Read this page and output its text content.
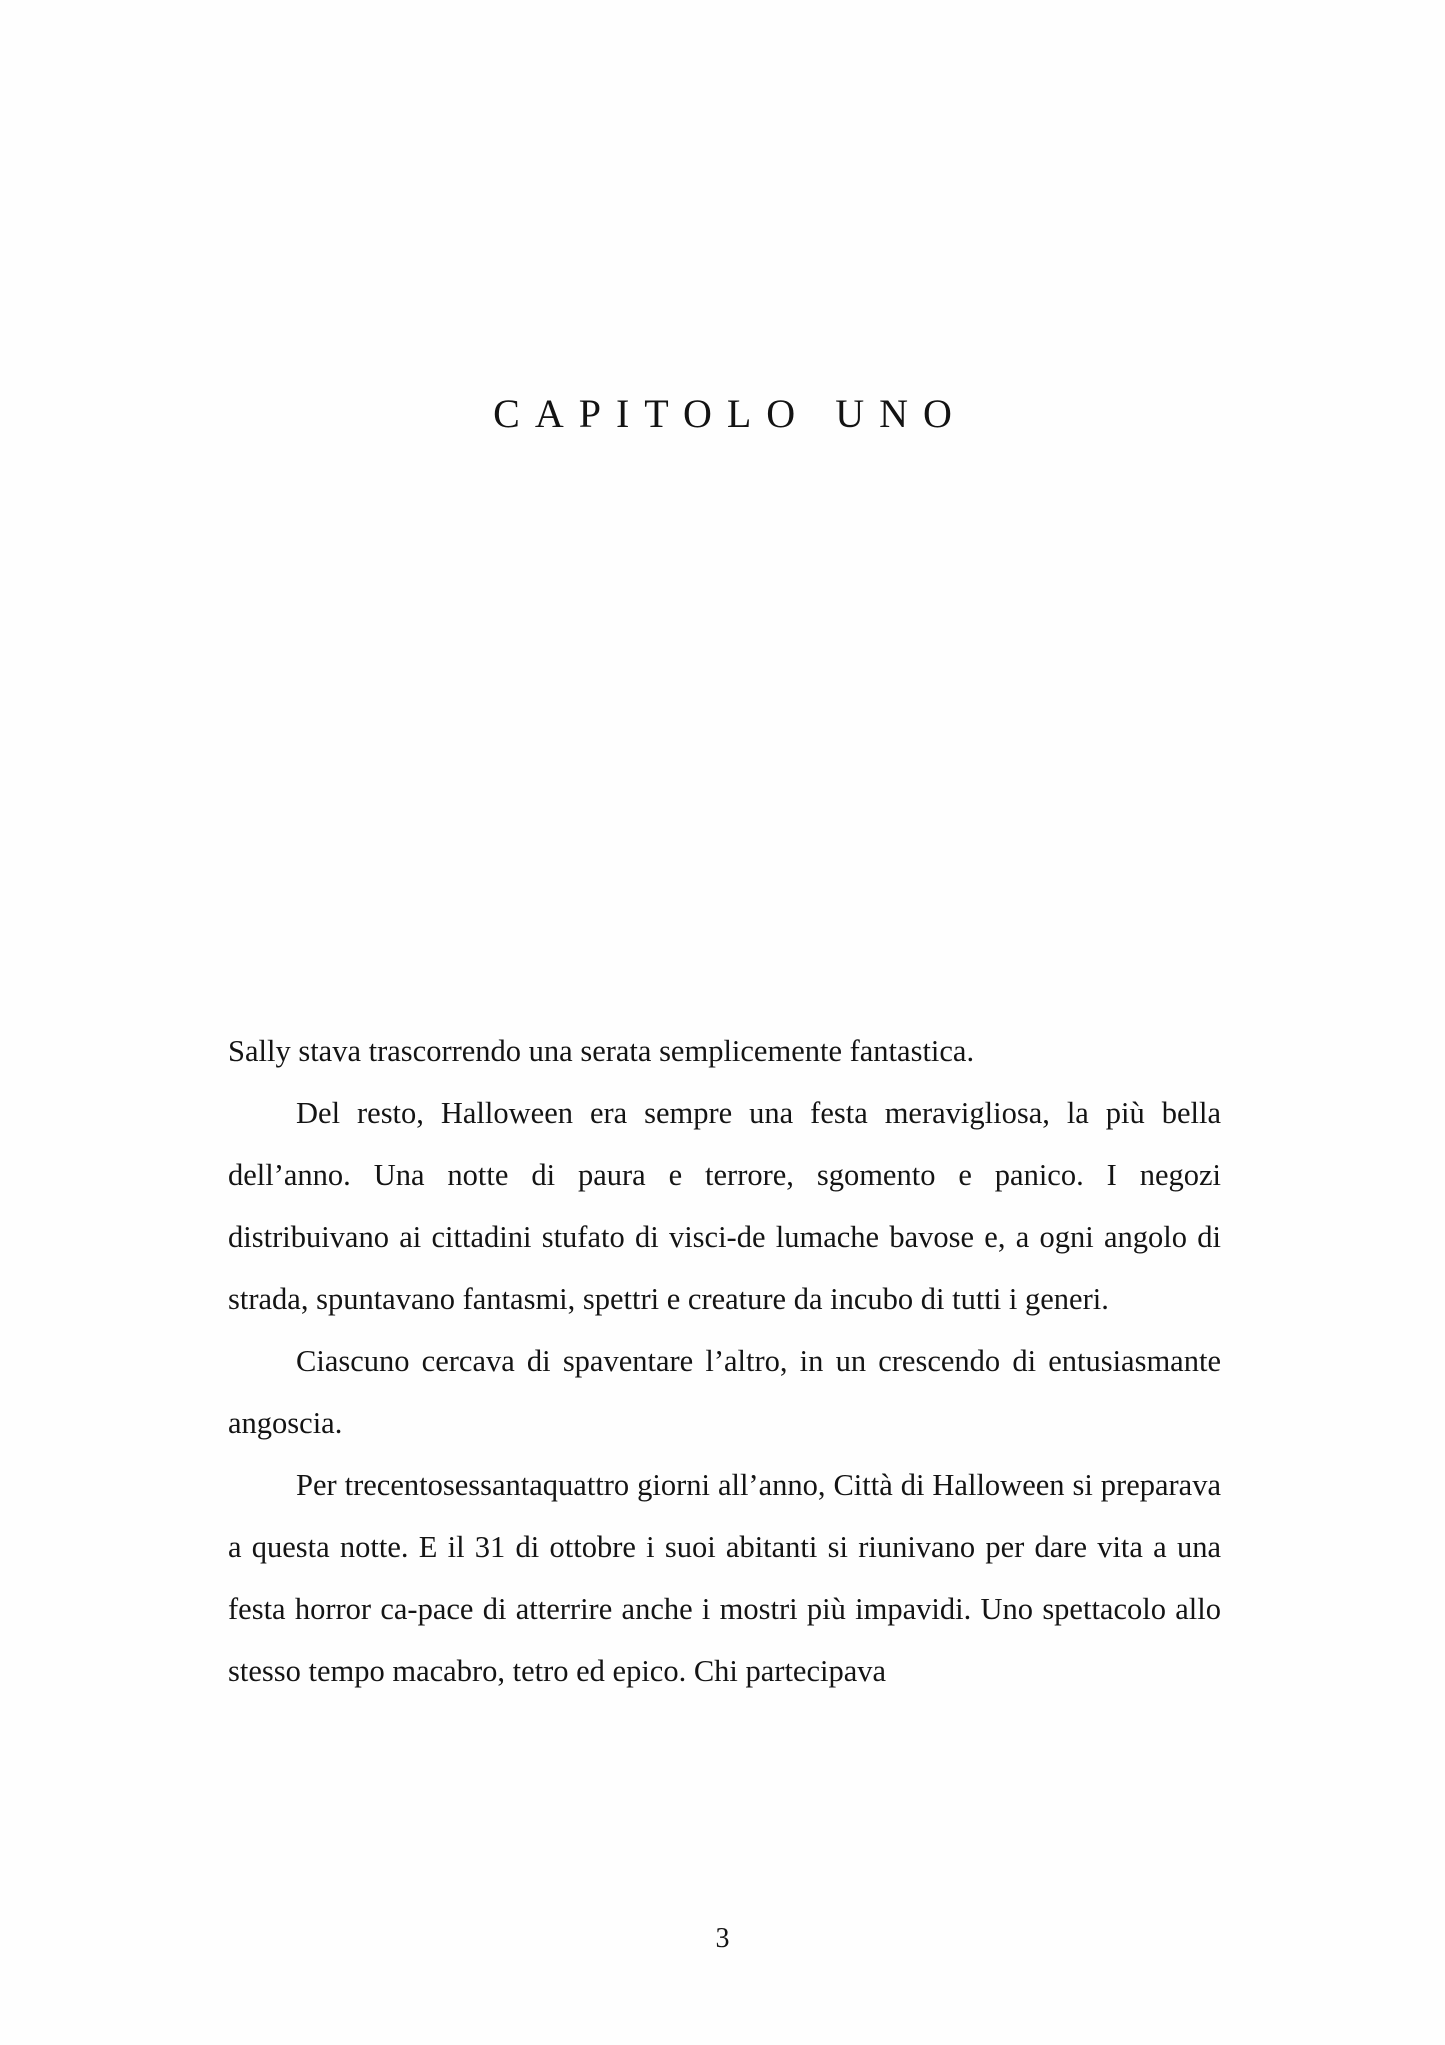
CAPITOLO UNO

Sally stava trascorrendo una serata semplicemente fantastica.

Del resto, Halloween era sempre una festa meravigliosa, la più bella dell’anno. Una notte di paura e terrore, sgomento e panico. I negozi distribuivano ai cittadini stufato di visci-de lumache bavose e, a ogni angolo di strada, spuntavano fantasmi, spettri e creature da incubo di tutti i generi.

Ciascuno cercava di spaventare l’altro, in un crescendo di entusiasmante angoscia.

Per trecentosessantaquattro giorni all’anno, Città di Halloween si preparava a questa notte. E il 31 di ottobre i suoi abitanti si riunivano per dare vita a una festa horror ca-pace di atterrire anche i mostri più impavidi. Uno spettacolo allo stesso tempo macabro, tetro ed epico. Chi partecipava

3
